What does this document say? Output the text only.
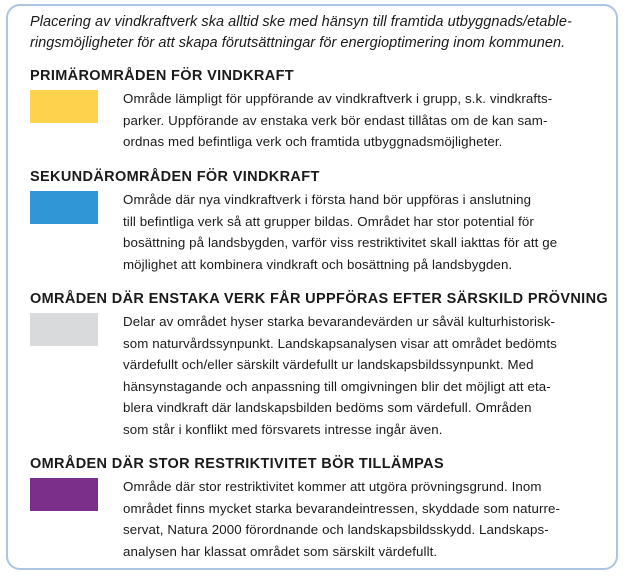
Placering av vindkraftverk ska alltid ske med hänsyn till framtida utbyggnads/etable-
ringsmöjligheter för att skapa förutsättningar för energioptimering inom kommunen.
PRIMÄROMRÅDEN FÖR VINDKRAFT
Område lämpligt för uppförande av vindkraftverk i grupp, s.k. vindkrafts-
parker. Uppförande av enstaka verk bör endast tillåtas om de kan sam-
ordnas med befintliga verk och framtida utbyggnadsmöjligheter.
SEKUNDÄROMRÅDEN FÖR VINDKRAFT
Område där nya vindkraftverk i första hand bör uppföras i anslutning
till befintliga verk så att grupper bildas. Området har stor potential för
bosättning på landsbygden, varför viss restriktivitet skall iakttas för att ge
möjlighet att kombinera vindkraft och bosättning på landsbygden.
OMRÅDEN DÄR ENSTAKA VERK FÅR UPPFÖRAS EFTER SÄRSKILD PRÖVNING
Delar av området hyser starka bevarandevärden ur såväl kulturhistorisk-
som naturvårdssynpunkt. Landskapsanalysen visar att området bedömts
värdefullt och/eller särskilt värdefullt ur landskapsbildssynpunkt. Med
hänsynstagande och anpassning till omgivningen blir det möjligt att eta-
blera vindkraft där landskapsbilden bedöms som värdefull. Områden
som står i konflikt med försvarets intresse ingår även.
OMRÅDEN DÄR STOR RESTRIKTIVITET BÖR TILLÄMPAS
Område där stor restriktivitet kommer att utgöra prövningsgrund. Inom
området finns mycket starka bevarandeintressen, skyddade som naturre-
servat, Natura 2000 förordnande och landskapsbildsskydd. Landskaps-
analysen har klassat området som särskilt värdefullt.
